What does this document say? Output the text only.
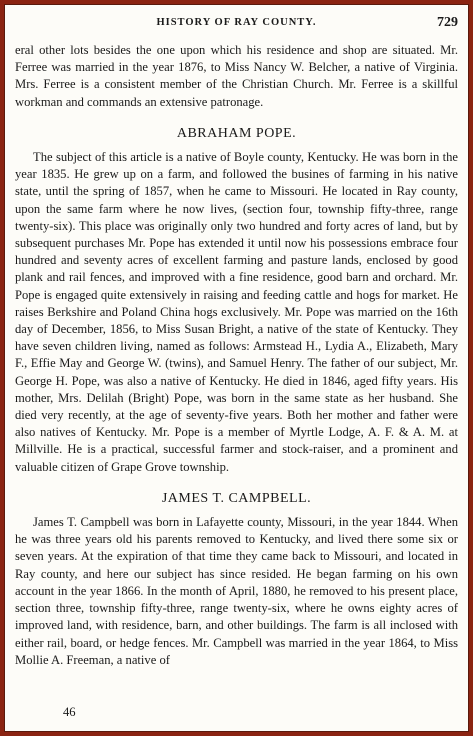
HISTORY OF RAY COUNTY.	729

eral other lots besides the one upon which his residence and shop are situated. Mr. Ferree was married in the year 1876, to Miss Nancy W. Belcher, a native of Virginia. Mrs. Ferree is a consistent member of the Christian Church. Mr. Ferree is a skillful workman and commands an extensive patronage.

ABRAHAM POPE.

The subject of this article is a native of Boyle county, Kentucky. He was born in the year 1835. He grew up on a farm, and followed the busines of farming in his native state, until the spring of 1857, when he came to Missouri. He located in Ray county, upon the same farm where he now lives, (section four, township fifty-three, range twenty-six). This place was originally only two hundred and forty acres of land, but by subsequent purchases Mr. Pope has extended it until now his possessions embrace four hundred and seventy acres of excellent farming and pasture lands, enclosed by good plank and rail fences, and improved with a fine residence, good barn and orchard. Mr. Pope is engaged quite extensively in raising and feeding cattle and hogs for market. He raises Berkshire and Poland China hogs exclusively. Mr. Pope was married on the 16th day of December, 1856, to Miss Susan Bright, a native of the state of Kentucky. They have seven children living, named as follows: Armstead H., Lydia A., Elizabeth, Mary F., Effie May and George W. (twins), and Samuel Henry. The father of our subject, Mr. George H. Pope, was also a native of Kentucky. He died in 1846, aged fifty years. His mother, Mrs. Delilah (Bright) Pope, was born in the same state as her husband. She died very recently, at the age of seventy-five years. Both her mother and father were also natives of Kentucky. Mr. Pope is a member of Myrtle Lodge, A. F. & A. M. at Millville. He is a practical, successful farmer and stock-raiser, and a prominent and valuable citizen of Grape Grove township.

JAMES T. CAMPBELL.

James T. Campbell was born in Lafayette county, Missouri, in the year 1844. When he was three years old his parents removed to Kentucky, and lived there some six or seven years. At the expiration of that time they came back to Missouri, and located in Ray county, and here our subject has since resided. He began farming on his own account in the year 1866. In the month of April, 1880, he removed to his present place, section three, township fifty-three, range twenty-six, where he owns eighty acres of improved land, with residence, barn, and other buildings. The farm is all inclosed with either rail, board, or hedge fences. Mr. Campbell was married in the year 1864, to Miss Mollie A. Freeman, a native of

46
